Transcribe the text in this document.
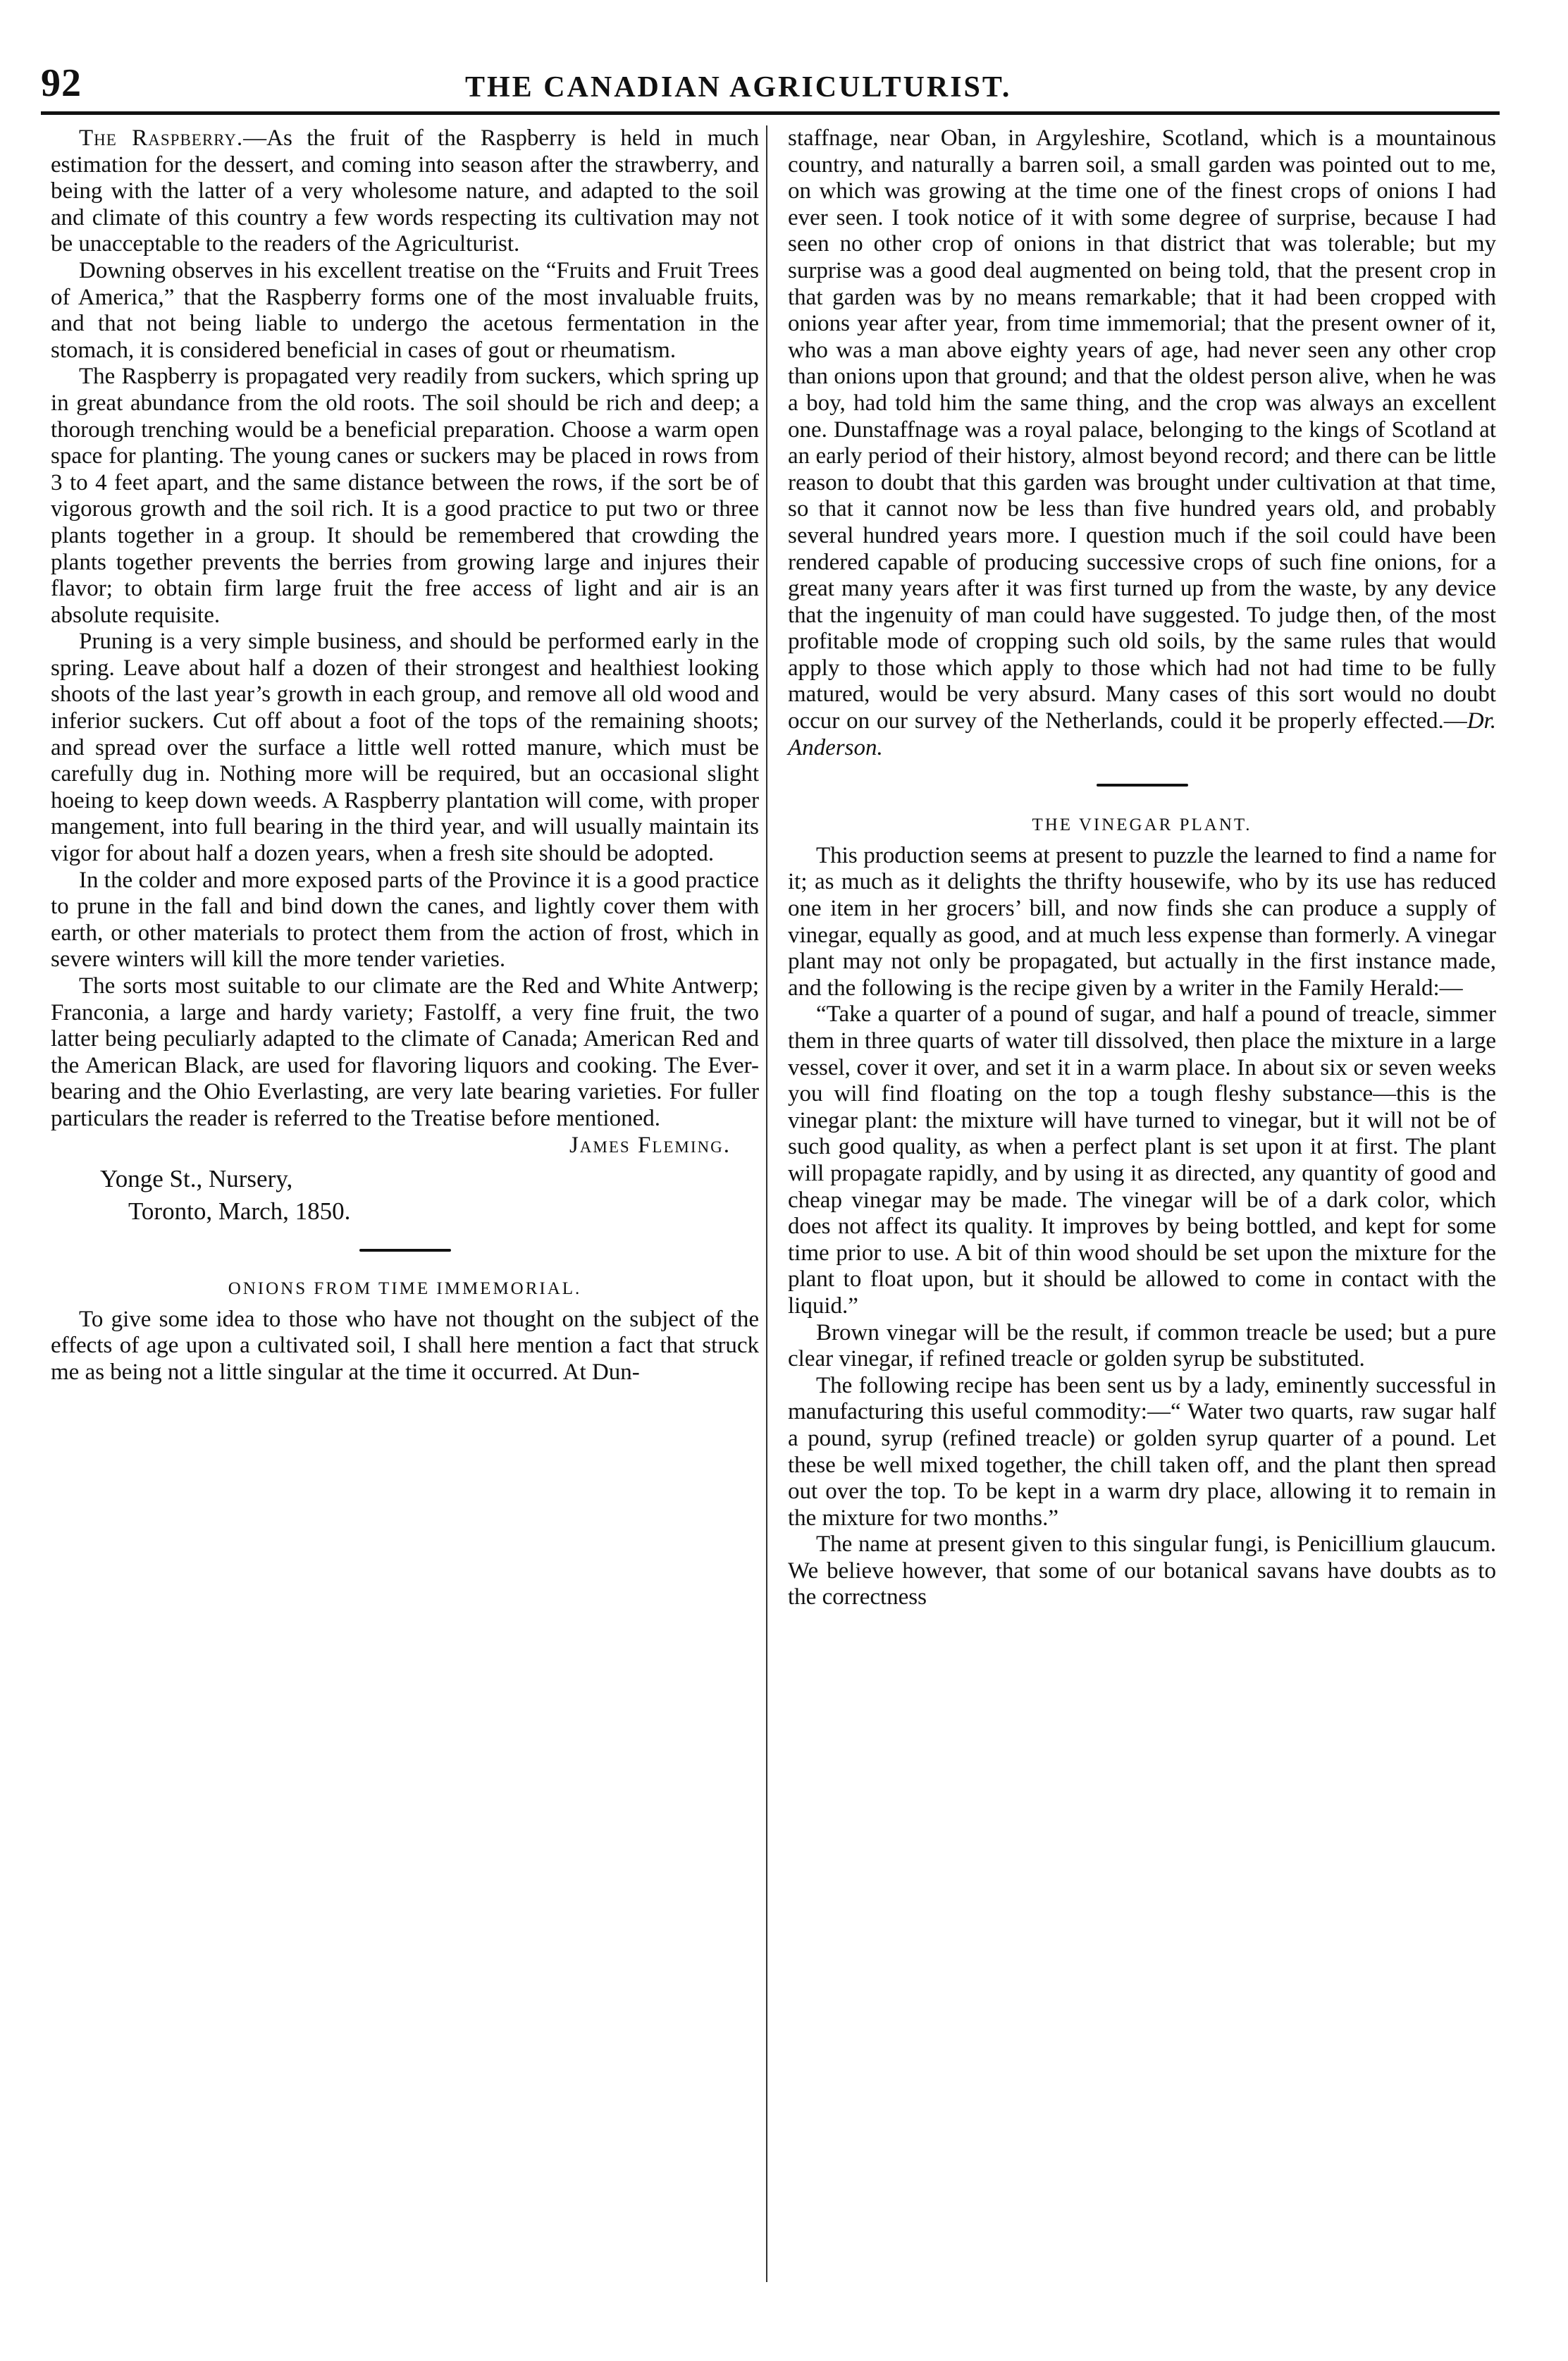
92	THE CANADIAN AGRICULTURIST.

The Raspberry.—As the fruit of the Raspberry is held in much estimation for the dessert, and coming into season after the strawberry, and being with the latter of a very wholesome nature, and adapted to the soil and climate of this country a few words respecting its cultivation may not be unacceptable to the readers of the Agriculturist.

Downing observes in his excellent treatise on the “Fruits and Fruit Trees of America,” that the Raspberry forms one of the most invaluable fruits, and that not being liable to undergo the acetous fermentation in the stomach, it is considered beneficial in cases of gout or rheumatism.

The Raspberry is propagated very readily from suckers, which spring up in great abundance from the old roots. The soil should be rich and deep; a thorough trenching would be a beneficial preparation. Choose a warm open space for planting. The young canes or suckers may be placed in rows from 3 to 4 feet apart, and the same distance between the rows, if the sort be of vigorous growth and the soil rich. It is a good practice to put two or three plants together in a group. It should be remembered that crowding the plants together prevents the berries from growing large and injures their flavor; to obtain firm large fruit the free access of light and air is an absolute requisite.

Pruning is a very simple business, and should be performed early in the spring. Leave about half a dozen of their strongest and healthiest looking shoots of the last year’s growth in each group, and remove all old wood and inferior suckers. Cut off about a foot of the tops of the remaining shoots; and spread over the surface a little well rotted manure, which must be carefully dug in. Nothing more will be required, but an occasional slight hoeing to keep down weeds. A Raspberry plantation will come, with proper mangement, into full bearing in the third year, and will usually maintain its vigor for about half a dozen years, when a fresh site should be adopted.

In the colder and more exposed parts of the Province it is a good practice to prune in the fall and bind down the canes, and lightly cover them with earth, or other materials to protect them from the action of frost, which in severe winters will kill the more tender varieties.

The sorts most suitable to our climate are the Red and White Antwerp; Franconia, a large and hardy variety; Fastolff, a very fine fruit, the two latter being peculiarly adapted to the climate of Canada; American Red and the American Black, are used for flavoring liquors and cooking. The Ever-bearing and the Ohio Everlasting, are very late bearing varieties. For fuller particulars the reader is referred to the Treatise before mentioned.

James Fleming.
Yonge St., Nursery,
Toronto, March, 1850.
ONIONS FROM TIME IMMEMORIAL.

To give some idea to those who have not thought on the subject of the effects of age upon a cultivated soil, I shall here mention a fact that struck me as being not a little singular at the time it occurred. At Dun-

staffnage, near Oban, in Argyleshire, Scotland, which is a mountainous country, and naturally a barren soil, a small garden was pointed out to me, on which was growing at the time one of the finest crops of onions I had ever seen. I took notice of it with some degree of surprise, because I had seen no other crop of onions in that district that was tolerable; but my surprise was a good deal augmented on being told, that the present crop in that garden was by no means remarkable; that it had been cropped with onions year after year, from time immemorial; that the present owner of it, who was a man above eighty years of age, had never seen any other crop than onions upon that ground; and that the oldest person alive, when he was a boy, had told him the same thing, and the crop was always an excellent one. Dunstaffnage was a royal palace, belonging to the kings of Scotland at an early period of their history, almost beyond record; and there can be little reason to doubt that this garden was brought under cultivation at that time, so that it cannot now be less than five hundred years old, and probably several hundred years more. I question much if the soil could have been rendered capable of producing successive crops of such fine onions, for a great many years after it was first turned up from the waste, by any device that the ingenuity of man could have suggested. To judge then, of the most profitable mode of cropping such old soils, by the same rules that would apply to those which apply to those which had not had time to be fully matured, would be very absurd. Many cases of this sort would no doubt occur on our survey of the Netherlands, could it be properly effected.—Dr. Anderson.

THE VINEGAR PLANT.

This production seems at present to puzzle the learned to find a name for it; as much as it delights the thrifty housewife, who by its use has reduced one item in her grocers’ bill, and now finds she can produce a supply of vinegar, equally as good, and at much less expense than formerly. A vinegar plant may not only be propagated, but actually in the first instance made, and the following is the recipe given by a writer in the Family Herald:—

“Take a quarter of a pound of sugar, and half a pound of treacle, simmer them in three quarts of water till dissolved, then place the mixture in a large vessel, cover it over, and set it in a warm place. In about six or seven weeks you will find floating on the top a tough fleshy substance—this is the vinegar plant: the mixture will have turned to vinegar, but it will not be of such good quality, as when a perfect plant is set upon it at first. The plant will propagate rapidly, and by using it as directed, any quantity of good and cheap vinegar may be made. The vinegar will be of a dark color, which does not affect its quality. It improves by being bottled, and kept for some time prior to use. A bit of thin wood should be set upon the mixture for the plant to float upon, but it should be allowed to come in contact with the liquid.”

Brown vinegar will be the result, if common treacle be used; but a pure clear vinegar, if refined treacle or golden syrup be substituted.

The following recipe has been sent us by a lady, eminently successful in manufacturing this useful commodity:—“ Water two quarts, raw sugar half a pound, syrup (refined treacle) or golden syrup quarter of a pound. Let these be well mixed together, the chill taken off, and the plant then spread out over the top. To be kept in a warm dry place, allowing it to remain in the mixture for two months.”

The name at present given to this singular fungi, is Penicillium glaucum. We believe however, that some of our botanical savans have doubts as to the correctness
